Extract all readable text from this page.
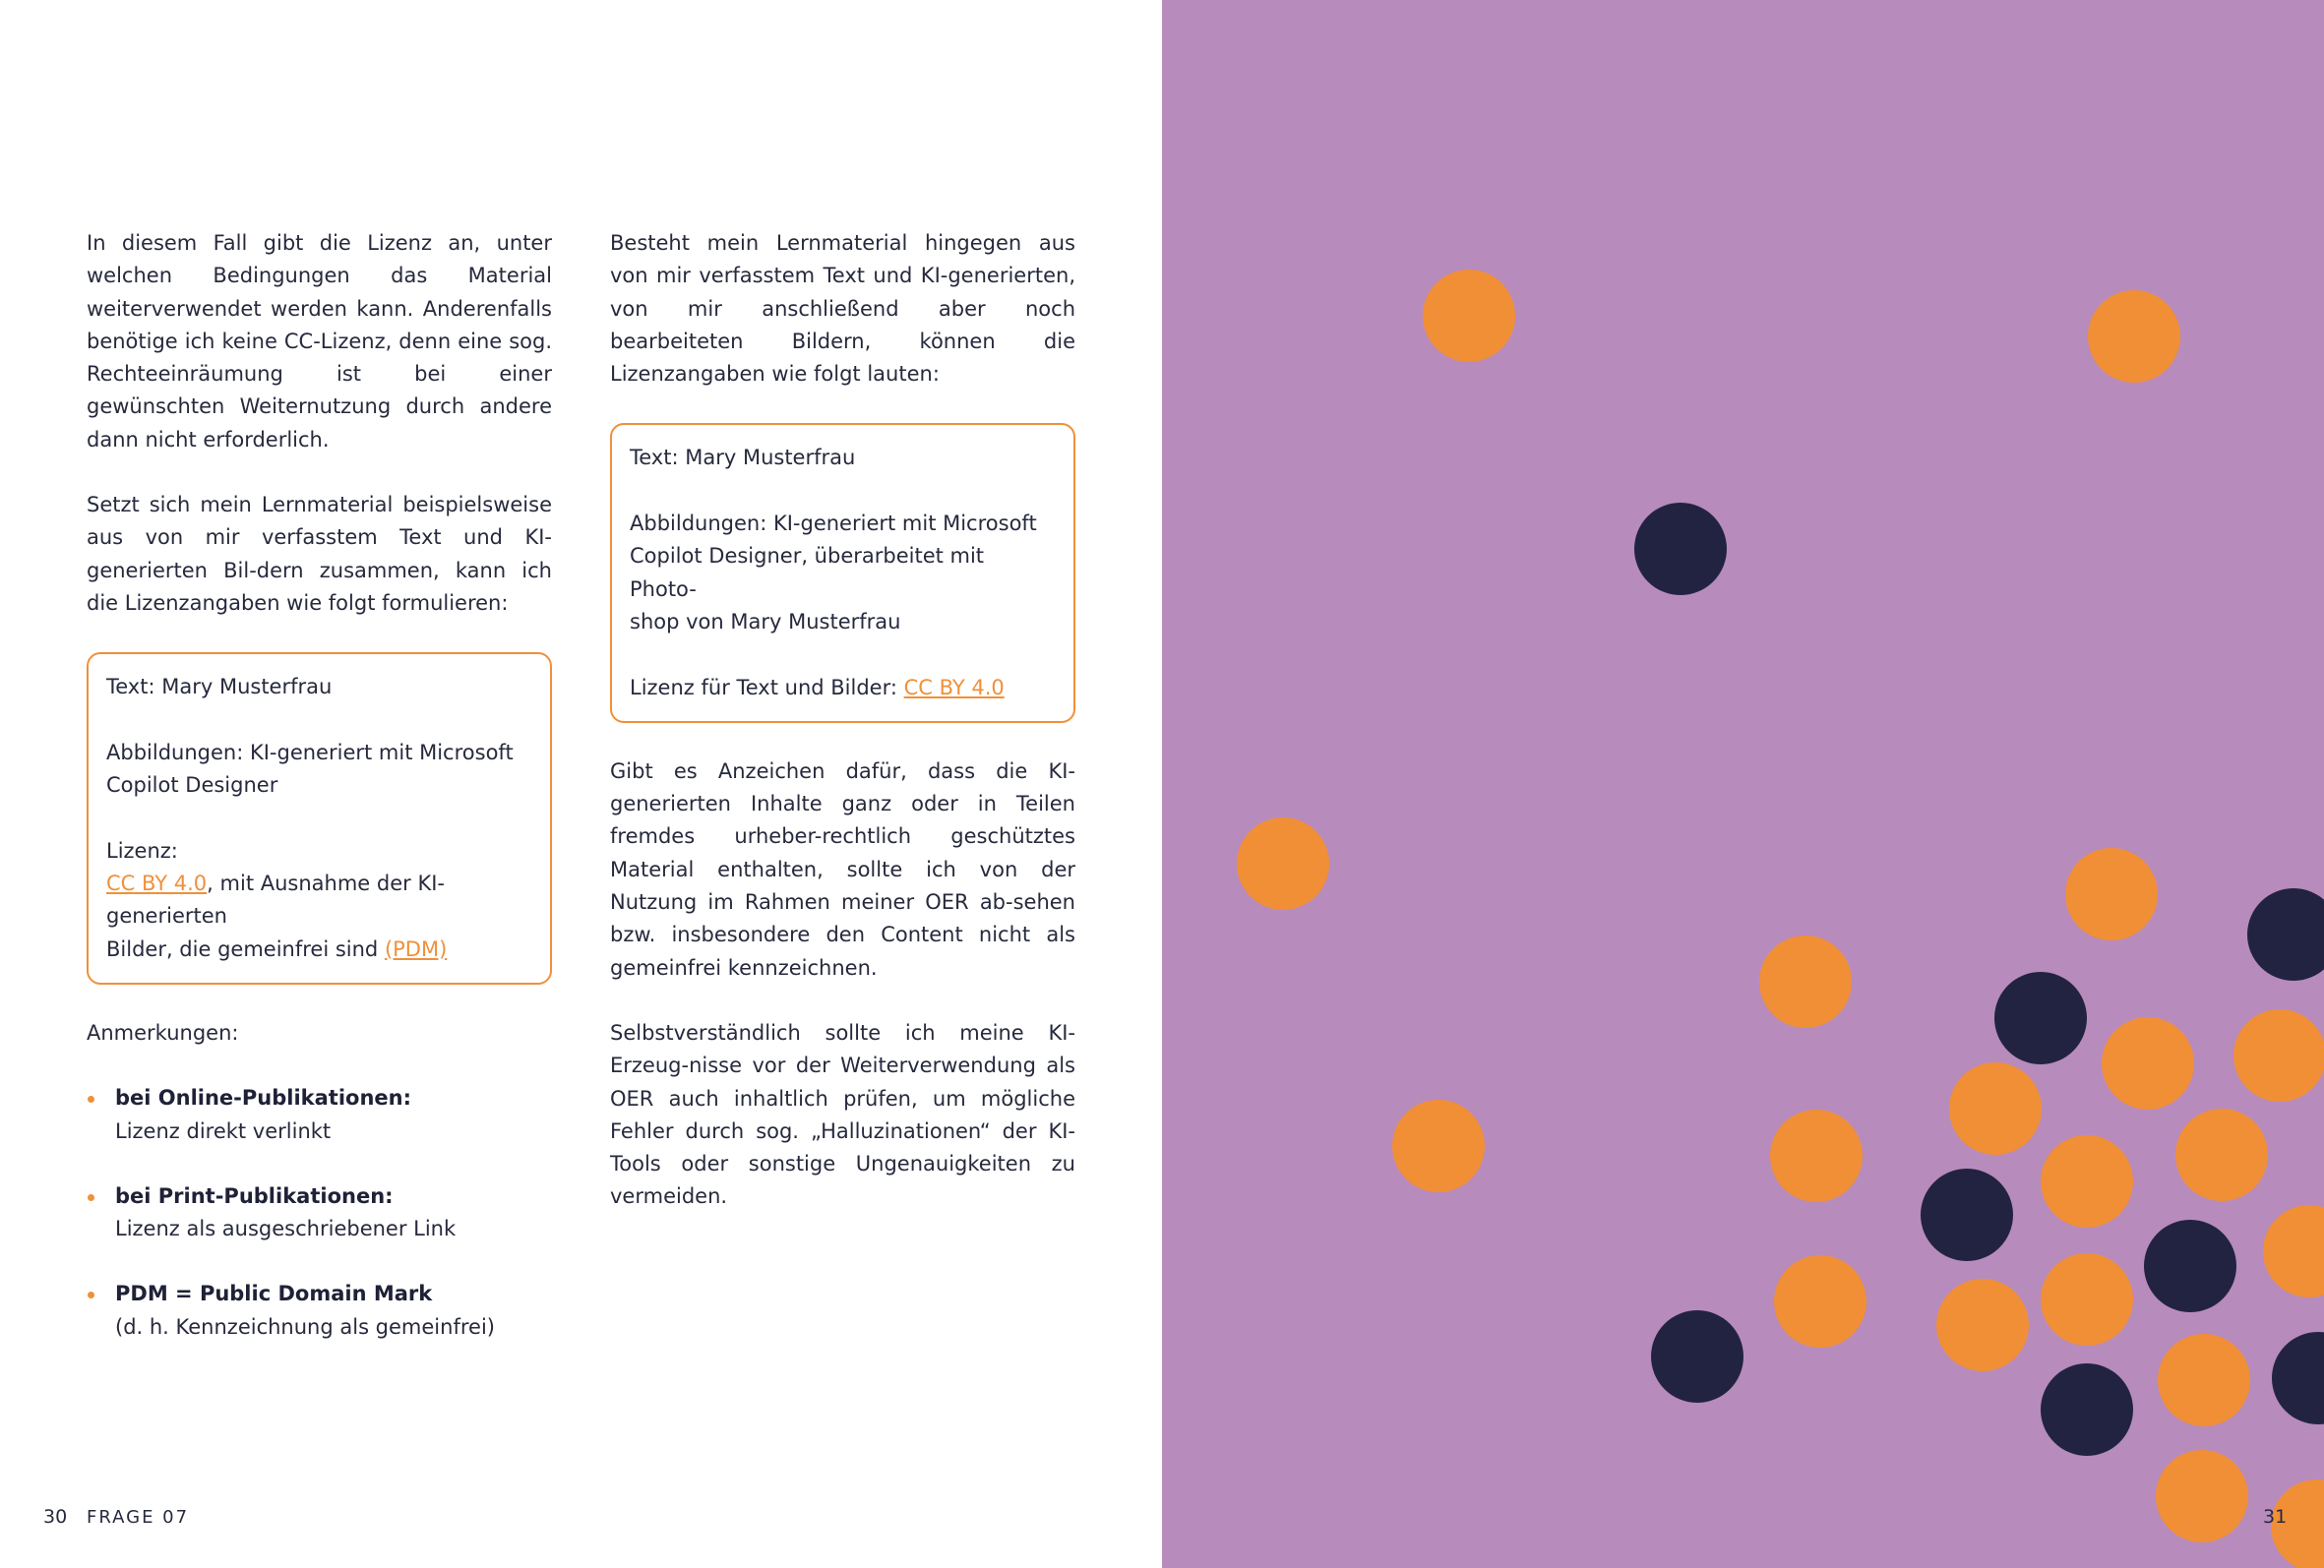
In diesem Fall gibt die Lizenz an, unter welchen Bedingungen das Material weiterverwendet werden kann. Anderenfalls benötige ich keine CC-Lizenz, denn eine sog. Rechteeinräumung ist bei einer gewünschten Weiternutzung durch andere dann nicht erforderlich.

Setzt sich mein Lernmaterial beispielsweise aus von mir verfasstem Text und KI-generierten Bil-dern zusammen, kann ich die Lizenzangaben wie folgt formulieren:

Text: Mary Musterfrau

Abbildungen: KI-generiert mit Microsoft
Copilot Designer

Lizenz:
CC BY 4.0, mit Ausnahme der KI-generierten
Bilder, die gemeinfrei sind (PDM)

Anmerkungen:

bei Online-Publikationen:
Lizenz direkt verlinkt
bei Print-Publikationen:
Lizenz als ausgeschriebener Link
PDM = Public Domain Mark
(d. h. Kennzeichnung als gemeinfrei)

Besteht mein Lernmaterial hingegen aus von mir verfasstem Text und KI-generierten, von mir anschließend aber noch bearbeiteten Bildern, können die Lizenzangaben wie folgt lauten:

Text: Mary Musterfrau

Abbildungen: KI-generiert mit Microsoft
Copilot Designer, überarbeitet mit Photo-
shop von Mary Musterfrau

Lizenz für Text und Bilder: CC BY 4.0

Gibt es Anzeichen dafür, dass die KI-generierten Inhalte ganz oder in Teilen fremdes urheber-rechtlich geschütztes Material enthalten, sollte ich von der Nutzung im Rahmen meiner OER ab-sehen bzw. insbesondere den Content nicht als gemeinfrei kennzeichnen.

Selbstverständlich sollte ich meine KI-Erzeug-nisse vor der Weiterverwendung als OER auch inhaltlich prüfen, um mögliche Fehler durch sog. „Halluzinationen“ der KI-Tools oder sonstige Ungenauigkeiten zu vermeiden.

30 FRAGE 07	31
